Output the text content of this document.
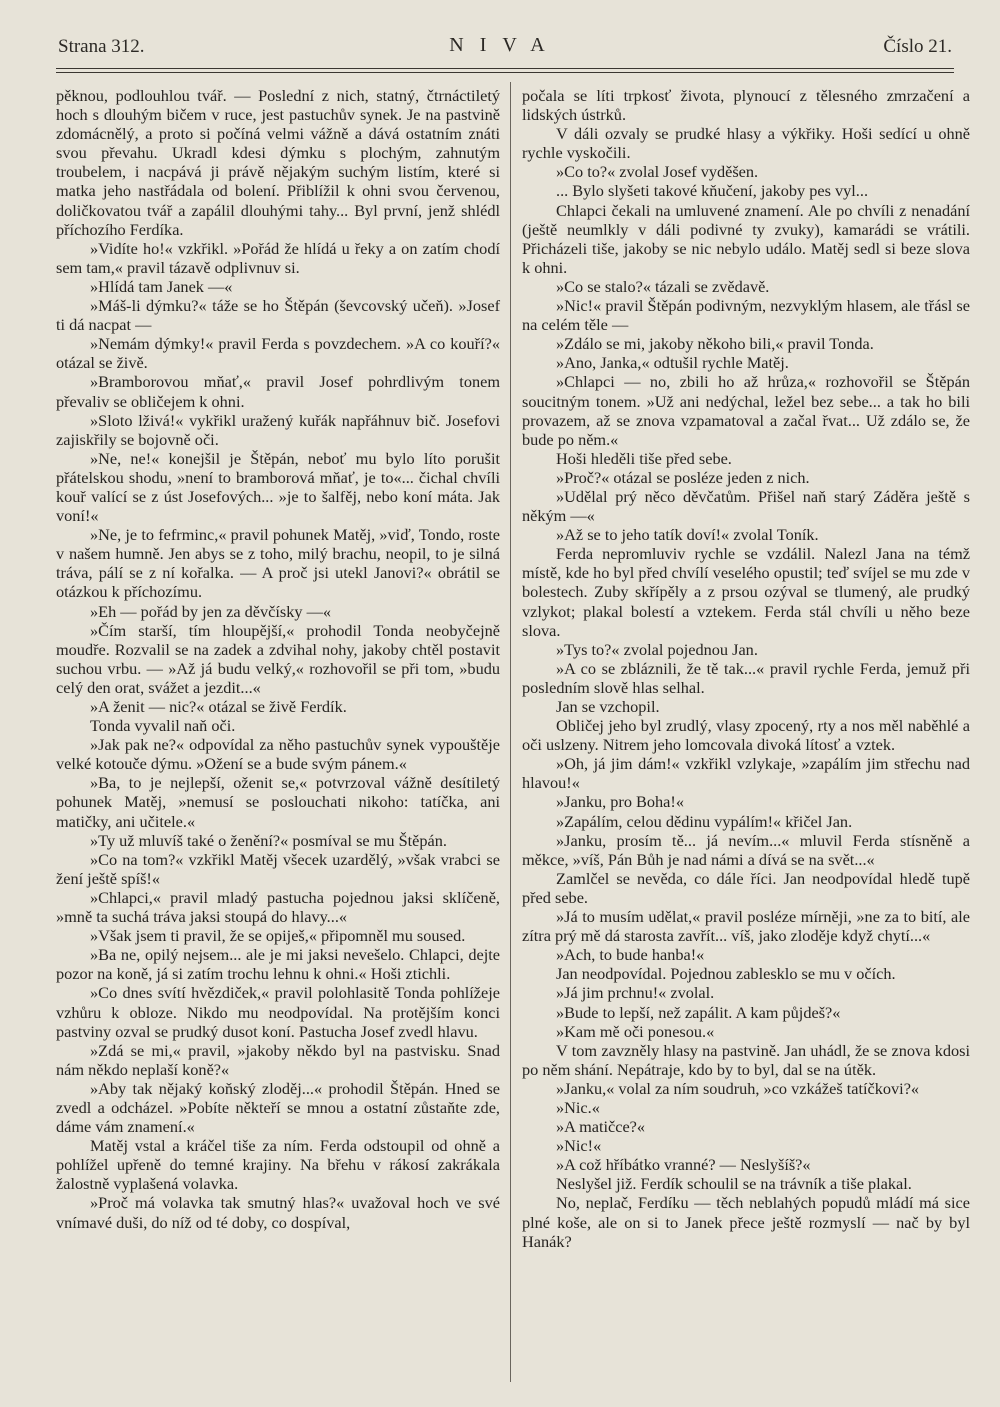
Strana 312.	NIVA	Číslo 21.

pěknou, podlouhlou tvář. — Poslední z nich, statný, čtrnáctiletý hoch s dlouhým bičem v ruce, jest pastuchův synek. Je na pastvině zdomácnělý, a proto si počíná velmi vážně a dává ostatním znáti svou převahu. Ukradl kdesi dýmku s plochým, zahnutým troubelem, i nacpává ji právě nějakým suchým listím, které si matka jeho nastřádala od bolení. Přiblížil k ohni svou červenou, doličkovatou tvář a zapálil dlouhými tahy... Byl první, jenž shlédl příchozího Ferdíka.

»Vidíte ho!« vzkřikl. »Pořád že hlídá u řeky a on zatím chodí sem tam,« pravil tázavě odplivnuv si.

»Hlídá tam Janek —«

»Máš-li dýmku?« táže se ho Štěpán (ševcovský učeň). »Josef ti dá nacpat —

»Nemám dýmky!« pravil Ferda s povzdechem. »A co kouří?« otázal se živě.

»Bramborovou mňať,« pravil Josef pohrdlivým tonem převaliv se obličejem k ohni.

»Sloto lživá!« vykřikl uražený kuřák napřáhnuv bič. Josefovi zajiskřily se bojovně oči.

»Ne, ne!« konejšil je Štěpán, neboť mu bylo líto porušit přátelskou shodu, »není to bramborová mňať, je to«... čichal chvíli kouř valící se z úst Josefových... »je to šalfěj, nebo koní máta. Jak voní!«

»Ne, je to fefrminc,« pravil pohunek Matěj, »viď, Tondo, roste v našem humně. Jen abys se z toho, milý brachu, neopil, to je silná tráva, pálí se z ní kořalka. — A proč jsi utekl Janovi?« obrátil se otázkou k příchozímu.

»Eh — pořád by jen za děvčísky —«

»Čím starší, tím hloupější,« prohodil Tonda neobyčejně moudře. Rozvalil se na zadek a zdvihal nohy, jakoby chtěl postavit suchou vrbu. — »Až já budu velký,« rozhovořil se při tom, »budu celý den orat, svážet a jezdit...«

»A ženit — nic?« otázal se živě Ferdík.

Tonda vyvalil naň oči.

»Jak pak ne?« odpovídal za něho pastuchův synek vypouštěje velké kotouče dýmu. »Ožení se a bude svým pánem.«

»Ba, to je nejlepší, oženit se,« potvrzoval vážně desítiletý pohunek Matěj, »nemusí se poslouchati nikoho: tatíčka, ani matičky, ani učitele.«

»Ty už mluvíš také o ženění?« posmíval se mu Štěpán.

»Co na tom?« vzkřikl Matěj všecek uzardělý, »však vrabci se žení ještě spíš!«

»Chlapci,« pravil mladý pastucha pojednou jaksi sklíčeně, »mně ta suchá tráva jaksi stoupá do hlavy...«

»Však jsem ti pravil, že se opiješ,« připomněl mu soused.

»Ba ne, opilý nejsem... ale je mi jaksi nevešelo. Chlapci, dejte pozor na koně, já si zatím trochu lehnu k ohni.« Hoši ztichli.

»Co dnes svítí hvězdiček,« pravil polohlasitě Tonda pohlížeje vzhůru k obloze. Nikdo mu neodpovídal. Na protějším konci pastviny ozval se prudký dusot koní. Pastucha Josef zvedl hlavu.

»Zdá se mi,« pravil, »jakoby někdo byl na pastvisku. Snad nám někdo neplaší koně?«

»Aby tak nějaký koňský zloděj...« prohodil Štěpán. Hned se zvedl a odcházel. »Pobíte někteří se mnou a ostatní zůstaňte zde, dáme vám znamení.«

Matěj vstal a kráčel tiše za ním. Ferda odstoupil od ohně a pohlížel upřeně do temné krajiny. Na břehu v rákosí zakrákala žalostně vyplašená volavka.

»Proč má volavka tak smutný hlas?« uvažoval hoch ve své vnímavé duši, do níž od té doby, co dospíval,

počala se líti trpkosť života, plynoucí z tělesného zmrzačení a lidských ústrků.

V dáli ozvaly se prudké hlasy a výkřiky. Hoši sedící u ohně rychle vyskočili.

»Co to?« zvolal Josef vyděšen.

... Bylo slyšeti takové kňučení, jakoby pes vyl...

Chlapci čekali na umluvené znamení. Ale po chvíli z nenadání (ještě neumlkly v dáli podivné ty zvuky), kamarádi se vrátili. Přicházeli tiše, jakoby se nic nebylo událo. Matěj sedl si beze slova k ohni.

»Co se stalo?« tázali se zvědavě.

»Nic!« pravil Štěpán podivným, nezvyklým hlasem, ale třásl se na celém těle —

»Zdálo se mi, jakoby někoho bili,« pravil Tonda.

»Ano, Janka,« odtušil rychle Matěj.

»Chlapci — no, zbili ho až hrůza,« rozhovořil se Štěpán soucitným tonem. »Už ani nedýchal, ležel bez sebe... a tak ho bili provazem, až se znova vzpamatoval a začal řvat... Už zdálo se, že bude po něm.«

Hoši hleděli tiše před sebe.

»Proč?« otázal se posléze jeden z nich.

»Udělal prý něco děvčatům. Přišel naň starý Záděra ještě s někým —«

»Až se to jeho tatík doví!« zvolal Toník.

Ferda nepromluviv rychle se vzdálil. Nalezl Jana na témž místě, kde ho byl před chvílí veselého opustil; teď svíjel se mu zde v bolestech. Zuby skřípěly a z prsou ozýval se tlumený, ale prudký vzlykot; plakal bolestí a vztekem. Ferda stál chvíli u něho beze slova.

»Tys to?« zvolal pojednou Jan.

»A co se zbláznili, že tě tak...« pravil rychle Ferda, jemuž při posledním slově hlas selhal.

Jan se vzchopil.

Obličej jeho byl zrudlý, vlasy zpocený, rty a nos měl naběhlé a oči uslzeny. Nitrem jeho lomcovala divoká lítosť a vztek.

»Oh, já jim dám!« vzkřikl vzlykaje, »zapálím jim střechu nad hlavou!«

»Janku, pro Boha!«

»Zapálím, celou dědinu vypálím!« křičel Jan.

»Janku, prosím tě... já nevím...« mluvil Ferda stísněně a měkce, »víš, Pán Bůh je nad námi a dívá se na svět...«

Zamlčel se nevěda, co dále říci. Jan neodpovídal hledě tupě před sebe.

»Já to musím udělat,« pravil posléze mírněji, »ne za to bití, ale zítra prý mě dá starosta zavřít... víš, jako zloděje když chytí...«

»Ach, to bude hanba!«

Jan neodpovídal. Pojednou zablesklo se mu v očích.

»Já jim prchnu!« zvolal.

»Bude to lepší, než zapálit. A kam půjdeš?«

»Kam mě oči ponesou.«

V tom zavzněly hlasy na pastvině. Jan uhádl, že se znova kdosi po něm shání. Nepátraje, kdo by to byl, dal se na útěk.

»Janku,« volal za ním soudruh, »co vzkážeš tatíčkovi?«

»Nic.«

»A matičce?«

»Nic!«

»A což hříbátko vranné? — Neslyšíš?«

Neslyšel již. Ferdík schoulil se na trávník a tiše plakal.

No, neplač, Ferdíku — těch neblahých popudů mládí má sice plné koše, ale on si to Janek přece ještě rozmyslí — nač by byl Hanák?
